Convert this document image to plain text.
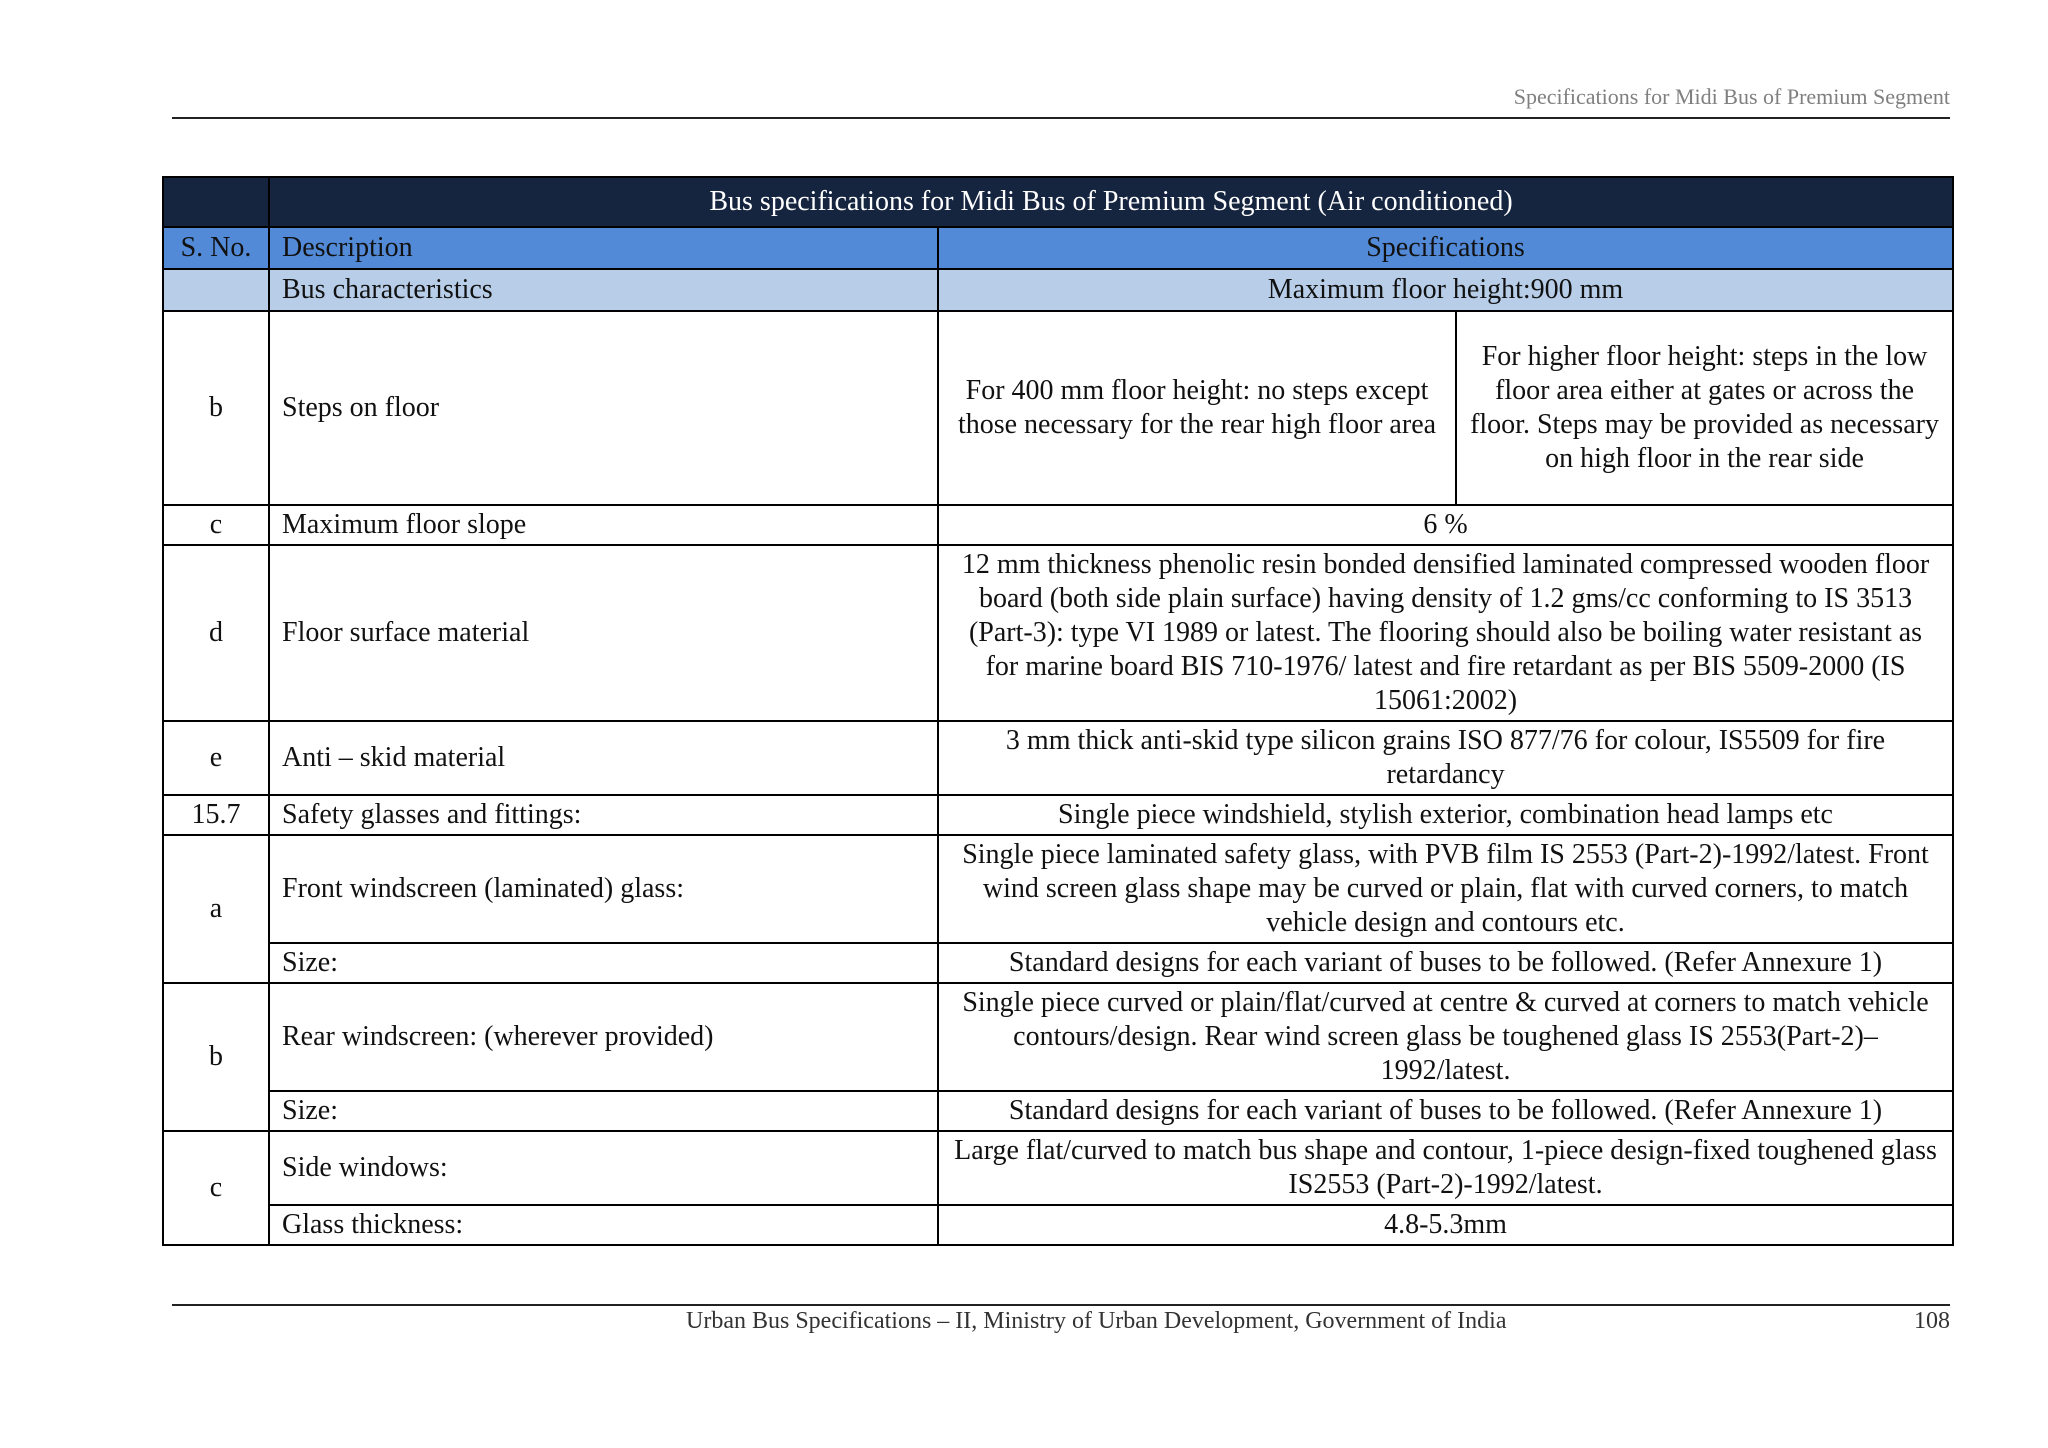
Specifications for Midi Bus of Premium Segment
	Bus specifications for Midi Bus of Premium Segment (Air conditioned)		
S. No.	Description	Specifications	
	Bus characteristics	Maximum floor height:900 mm	
b	Steps on floor	For 400 mm floor height: no steps except those necessary for the rear high floor area	For higher floor height: steps in the low floor area either at gates or across the floor. Steps may be provided as necessary on high floor in the rear side
c	Maximum floor slope	6 %	
d	Floor surface material	12 mm thickness phenolic resin bonded densified laminated compressed wooden floor board (both side plain surface) having density of 1.2 gms/cc conforming to IS 3513 (Part-3): type VI 1989 or latest. The flooring should also be boiling water resistant as for marine board BIS 710-1976/ latest and fire retardant as per BIS 5509-2000 (IS 15061:2002)	
e	Anti – skid material	3 mm thick anti-skid type silicon grains ISO 877/76 for colour, IS5509 for fire retardancy	
15.7	Safety glasses and fittings:	Single piece windshield, stylish exterior, combination head lamps etc	
a	Front windscreen (laminated) glass:	Single piece laminated safety glass, with PVB film IS 2553 (Part-2)-1992/latest. Front wind screen glass shape may be curved or plain, flat with curved corners, to match vehicle design and contours etc.	
	Size:	Standard designs for each variant of buses to be followed. (Refer Annexure 1)	
b	Rear windscreen: (wherever provided)	Single piece curved or plain/flat/curved at centre & curved at corners to match vehicle contours/design. Rear wind screen glass be toughened glass IS 2553(Part-2)–1992/latest.	
	Size:	Standard designs for each variant of buses to be followed. (Refer Annexure 1)	
c	Side windows:	Large flat/curved to match bus shape and contour, 1-piece design-fixed toughened glass IS2553 (Part-2)-1992/latest.	
	Glass thickness:	4.8-5.3mm	
Urban Bus Specifications – II, Ministry of Urban Development, Government of India	108
